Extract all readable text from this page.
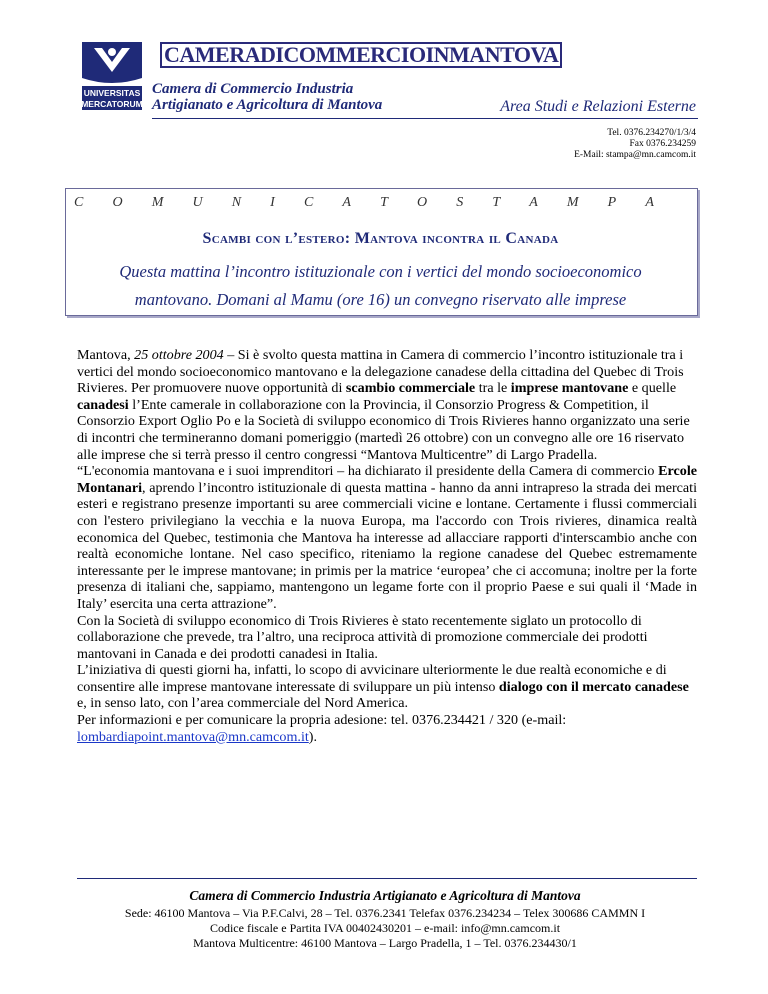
UNIVERSITAS
MERCATORUM
CAMERADICOMMERCIOINMANTOVA
Camera di Commercio Industria
Artigianato e Agricoltura di Mantova	Area Studi e Relazioni Esterne
Tel. 0376.234270/1/3/4
Fax 0376.234259
E-Mail: stampa@mn.camcom.it
C O M U N I C A T O S T A M P A
Scambi con l’estero: Mantova incontra il Canada
Questa mattina l’incontro istituzionale con i vertici del mondo socioeconomico
mantovano. Domani al Mamu (ore 16) un convegno riservato alle imprese

Mantova, 25 ottobre 2004 – Si è svolto questa mattina in Camera di commercio l’incontro istituzionale tra i vertici del mondo socioeconomico mantovano e la delegazione canadese della cittadina del Quebec di Trois Rivieres. Per promuovere nuove opportunità di scambio commerciale tra le imprese mantovane e quelle canadesi l’Ente camerale in collaborazione con la Provincia, il Consorzio Progress & Competition, il Consorzio Export Oglio Po e la Società di sviluppo economico di Trois Rivieres hanno organizzato una serie di incontri che termineranno domani pomeriggio (martedì 26 ottobre) con un convegno alle ore 16 riservato alle imprese che si terrà presso il centro congressi “Mantova Multicentre” di Largo Pradella.

“L'economia mantovana e i suoi imprenditori – ha dichiarato il presidente della Camera di commercio Ercole Montanari, aprendo l’incontro istituzionale di questa mattina - hanno da anni intrapreso la strada dei mercati esteri e registrano presenze importanti su aree commerciali vicine e lontane. Certamente i flussi commerciali con l'estero privilegiano la vecchia e la nuova Europa, ma l'accordo con Trois rivieres, dinamica realtà economica del Quebec, testimonia che Mantova ha interesse ad allacciare rapporti d'interscambio anche con realtà economiche lontane. Nel caso specifico, riteniamo la regione canadese del Quebec estremamente interessante per le imprese mantovane; in primis per la matrice ‘europea’ che ci accomuna; inoltre per la forte presenza di italiani che, sappiamo, mantengono un legame forte con il proprio Paese e sui quali il ‘Made in Italy’ esercita una certa attrazione”.

Con la Società di sviluppo economico di Trois Rivieres è stato recentemente siglato un protocollo di collaborazione che prevede, tra l’altro, una reciproca attività di promozione commerciale dei prodotti mantovani in Canada e dei prodotti canadesi in Italia.

L’iniziativa di questi giorni ha, infatti, lo scopo di avvicinare ulteriormente le due realtà economiche e di consentire alle imprese mantovane interessate di sviluppare un più intenso dialogo con il mercato canadese e, in senso lato, con l’area commerciale del Nord America.

Per informazioni e per comunicare la propria adesione: tel. 0376.234421 / 320 (e-mail: lombardiapoint.mantova@mn.camcom.it).

Camera di Commercio Industria Artigianato e Agricoltura di Mantova
Sede: 46100 Mantova – Via P.F.Calvi, 28 – Tel. 0376.2341 Telefax 0376.234234 – Telex 300686 CAMMN I
Codice fiscale e Partita IVA 00402430201 – e-mail: info@mn.camcom.it
Mantova Multicentre: 46100 Mantova – Largo Pradella, 1 – Tel. 0376.234430/1
